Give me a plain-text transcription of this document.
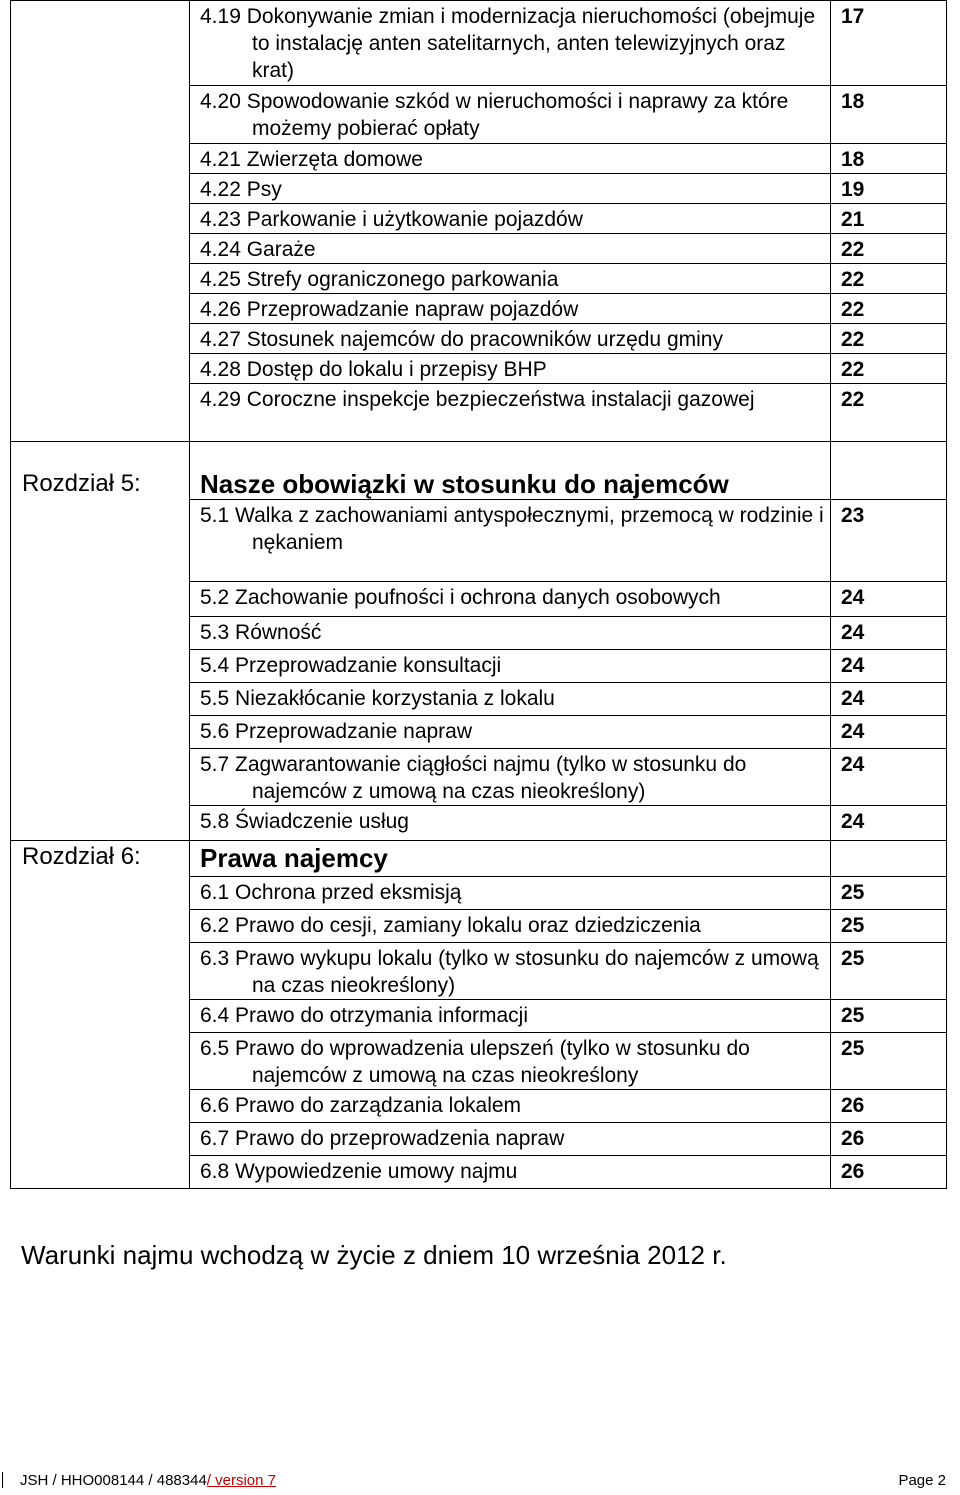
	4.19 Dokonywanie zmian i modernizacja nieruchomości (obejmuje to instalację anten satelitarnych, anten telewizyjnych oraz krat)	17
	4.20 Spowodowanie szkód w nieruchomości i naprawy za które możemy pobierać opłaty	18
	4.21 Zwierzęta domowe	18
	4.22 Psy	19
	4.23 Parkowanie i użytkowanie pojazdów	21
	4.24 Garaże	22
	4.25 Strefy ograniczonego parkowania	22
	4.26 Przeprowadzanie napraw pojazdów	22
	4.27 Stosunek najemców do pracowników urzędu gminy	22
	4.28 Dostęp do lokalu i przepisy BHP	22
	4.29 Coroczne inspekcje bezpieczeństwa instalacji gazowej	22
Rozdział 5:	Nasze obowiązki w stosunku do najemców	
	5.1 Walka z zachowaniami antyspołecznymi, przemocą w rodzinie i nękaniem	23
	5.2 Zachowanie poufności i ochrona danych osobowych	24
	5.3 Równość	24
	5.4 Przeprowadzanie konsultacji	24
	5.5 Niezakłócanie korzystania z lokalu	24
	5.6 Przeprowadzanie napraw	24
	5.7 Zagwarantowanie ciągłości najmu (tylko w stosunku do najemców z umową na czas nieokreślony)	24
	5.8 Świadczenie usług	24
Rozdział 6:	Prawa najemcy	
	6.1 Ochrona przed eksmisją	25
	6.2 Prawo do cesji, zamiany lokalu oraz dziedziczenia	25
	6.3 Prawo wykupu lokalu (tylko w stosunku do najemców z umową na czas nieokreślony)	25
	6.4 Prawo do otrzymania informacji	25
	6.5 Prawo do wprowadzenia ulepszeń (tylko w stosunku do najemców z umową na czas nieokreślony	25
	6.6 Prawo do zarządzania lokalem	26
	6.7 Prawo do przeprowadzenia napraw	26
	6.8 Wypowiedzenie umowy najmu	26
Warunki najmu wchodzą w życie z dniem 10 września 2012 r.
JSH / HHO008144 / 488344/ version 7	Page 2
